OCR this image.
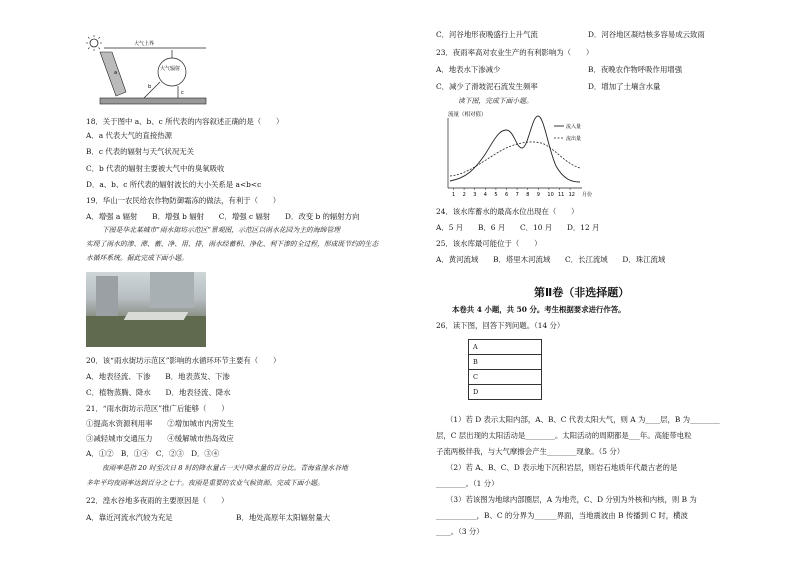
大气上界
a
大气辐射
b
c
18．关于图中 a、b、c 所代表的内容叙述正确的是（　　）
A．a 代表大气的直接热源
B．c 代表的辐射与天气状况无关
C．b 代表的辐射主要被大气中的臭氧吸收
D．a、b、c 所代表的辐射波长的大小关系是 a<b<c
19．华山一农民给农作物防御霜冻的做法，有利于（　　）
A．增强 a 辐射　　B．增强 b 辐射　　C．增强 c 辐射　　D．改变 b 的辐射方向
下图是华北某城市“雨水街坊示范区”景观图，示范区以雨水花园为主的海绵管理
实现了雨水的渗、滞、蓄、净、用、排，雨水经蓄积、净化、利下渗的全过程，形成既节约的生态
水循环系统。据此完成下面小题。
20．该“雨水街坊示范区”影响的水循环环节主要有（　　）
A．地表径流、下渗　　B．地表蒸发、下渗
C．植物蒸腾、降水　　D．地表径流、降水
21．“雨水街坊示范区”推广后能够（　　）
①提高水资源利用率　　②增加城市内涝发生
③减轻城市交通压力　　④缓解城市热岛效应
A．①②　B．①④　C．②③　D．③④
夜雨率是指 20 时至次日 8 时的降水量占一天中降水量的百分比。青海省湟水谷地
多年平均夜雨率达到百分之七十。夜雨是重要的农业气候资源。完成下面小题。
22．湟水谷地多夜雨的主要原因是（　　）
A．靠近河流水汽较为充足	B．地处高原年太阳辐射量大
C．河谷地形夜晚盛行上升气流	D．河谷地区凝结核多容易成云致雨
23．夜雨率高对农业生产的有利影响为（　　）
A．地表水下渗减少	B．夜晚农作物呼吸作用增强
C．减少了滑坡泥石流发生频率	D．增加了土壤含水量
读下图，完成下面小题。
流量（相对值）
流入量
流出量
1 2 3 4 5 6 7 8 9 10 11 12 月份
24．该水库蓄水的最高水位出现在（　　）
A．5 月　　B．6 月　　C．10 月　　D．12 月
25．该水库最可能位于（　　）
A．黄河流域　　B．塔里木河流域　　C．长江流域　　D．珠江流域
第Ⅱ卷（非选择题）
本卷共 4 小题，共 50 分。考生根据要求进行作答。
26．读下图，回答下列问题。（14 分）
A
B
C
D
（1）若 D 表示太阳内部，A、B、C 代表太阳大气，则 A 为____层，B 为________
层，C 层出现的太阳活动是________。太阳活动的周期都是___年。高能带电粒
子流两极伴我，与大气摩擦会产生________现象。（5 分）
（2）若 A、B、C、D 表示地下沉积岩层，则岩石地质年代最古老的是
________。（1 分）
（3）若该图为地球内部圈层，A 为地壳，C、D 分别为外核和内核，则 B 为
___________，B、C 的分界为______界面，当地震波由 B 传播到 C 时，横波
____。（3 分）
